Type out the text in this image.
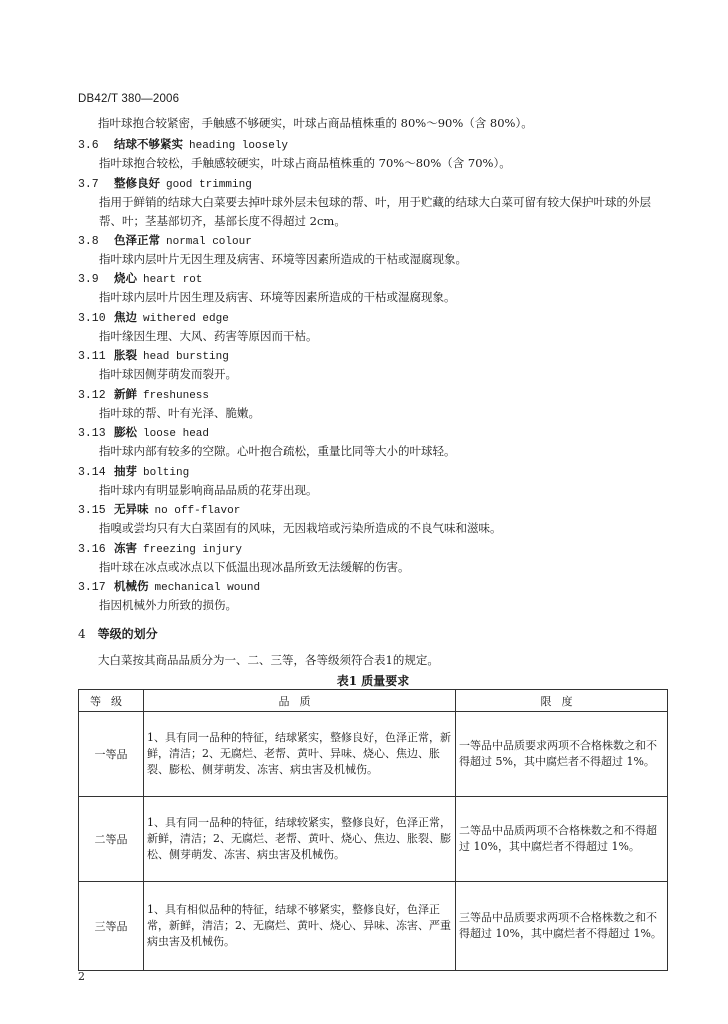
DB42/T 380—2006
指叶球抱合较紧密，手触感不够硬实，叶球占商品植株重的 80%～90%（含 80%）。
3.6 结球不够紧实 heading loosely
指叶球抱合较松，手触感较硬实，叶球占商品植株重的 70%～80%（含 70%）。
3.7 整修良好 good trimming
指用于鲜销的结球大白菜要去掉叶球外层未包球的帮、叶，用于贮藏的结球大白菜可留有较大保护叶球的外层帮、叶；茎基部切齐，基部长度不得超过 2cm。
3.8 色泽正常 normal colour
指叶球内层叶片无因生理及病害、环境等因素所造成的干枯或湿腐现象。
3.9 烧心 heart rot
指叶球内层叶片因生理及病害、环境等因素所造成的干枯或湿腐现象。
3.10 焦边 withered edge
指叶缘因生理、大风、药害等原因而干枯。
3.11 胀裂 head bursting
指叶球因侧芽萌发而裂开。
3.12 新鲜 freshuness
指叶球的帮、叶有光泽、脆嫩。
3.13 膨松 loose head
指叶球内部有较多的空隙。心叶抱合疏松，重量比同等大小的叶球轻。
3.14 抽芽 bolting
指叶球内有明显影响商品品质的花芽出现。
3.15 无异味 no off-flavor
指嗅或尝均只有大白菜固有的风味，无因栽培或污染所造成的不良气味和滋味。
3.16 冻害 freezing injury
指叶球在冰点或冰点以下低温出现冰晶所致无法缓解的伤害。
3.17 机械伤 mechanical wound
指因机械外力所致的损伤。
4 等级的划分
大白菜按其商品品质分为一、二、三等，各等级须符合表1的规定。
表1 质量要求
等级	品质	限度
一等品	1、具有同一品种的特征，结球紧实，整修良好，色泽正常，新鲜，清洁；2、无腐烂、老帮、黄叶、异味、烧心、焦边、胀裂、膨松、侧芽萌发、冻害、病虫害及机械伤。	一等品中品质要求两项不合格株数之和不得超过 5%，其中腐烂者不得超过 1%。
二等品	1、具有同一品种的特征，结球较紧实，整修良好，色泽正常，新鲜，清洁；2、无腐烂、老帮、黄叶、烧心、焦边、胀裂、膨松、侧芽萌发、冻害、病虫害及机械伤。	二等品中品质两项不合格株数之和不得超过 10%，其中腐烂者不得超过 1%。
三等品	1、具有相似品种的特征，结球不够紧实，整修良好，色泽正常，新鲜，清洁；2、无腐烂、黄叶、烧心、异味、冻害、严重病虫害及机械伤。	三等品中品质要求两项不合格株数之和不得超过 10%，其中腐烂者不得超过 1%。
2
